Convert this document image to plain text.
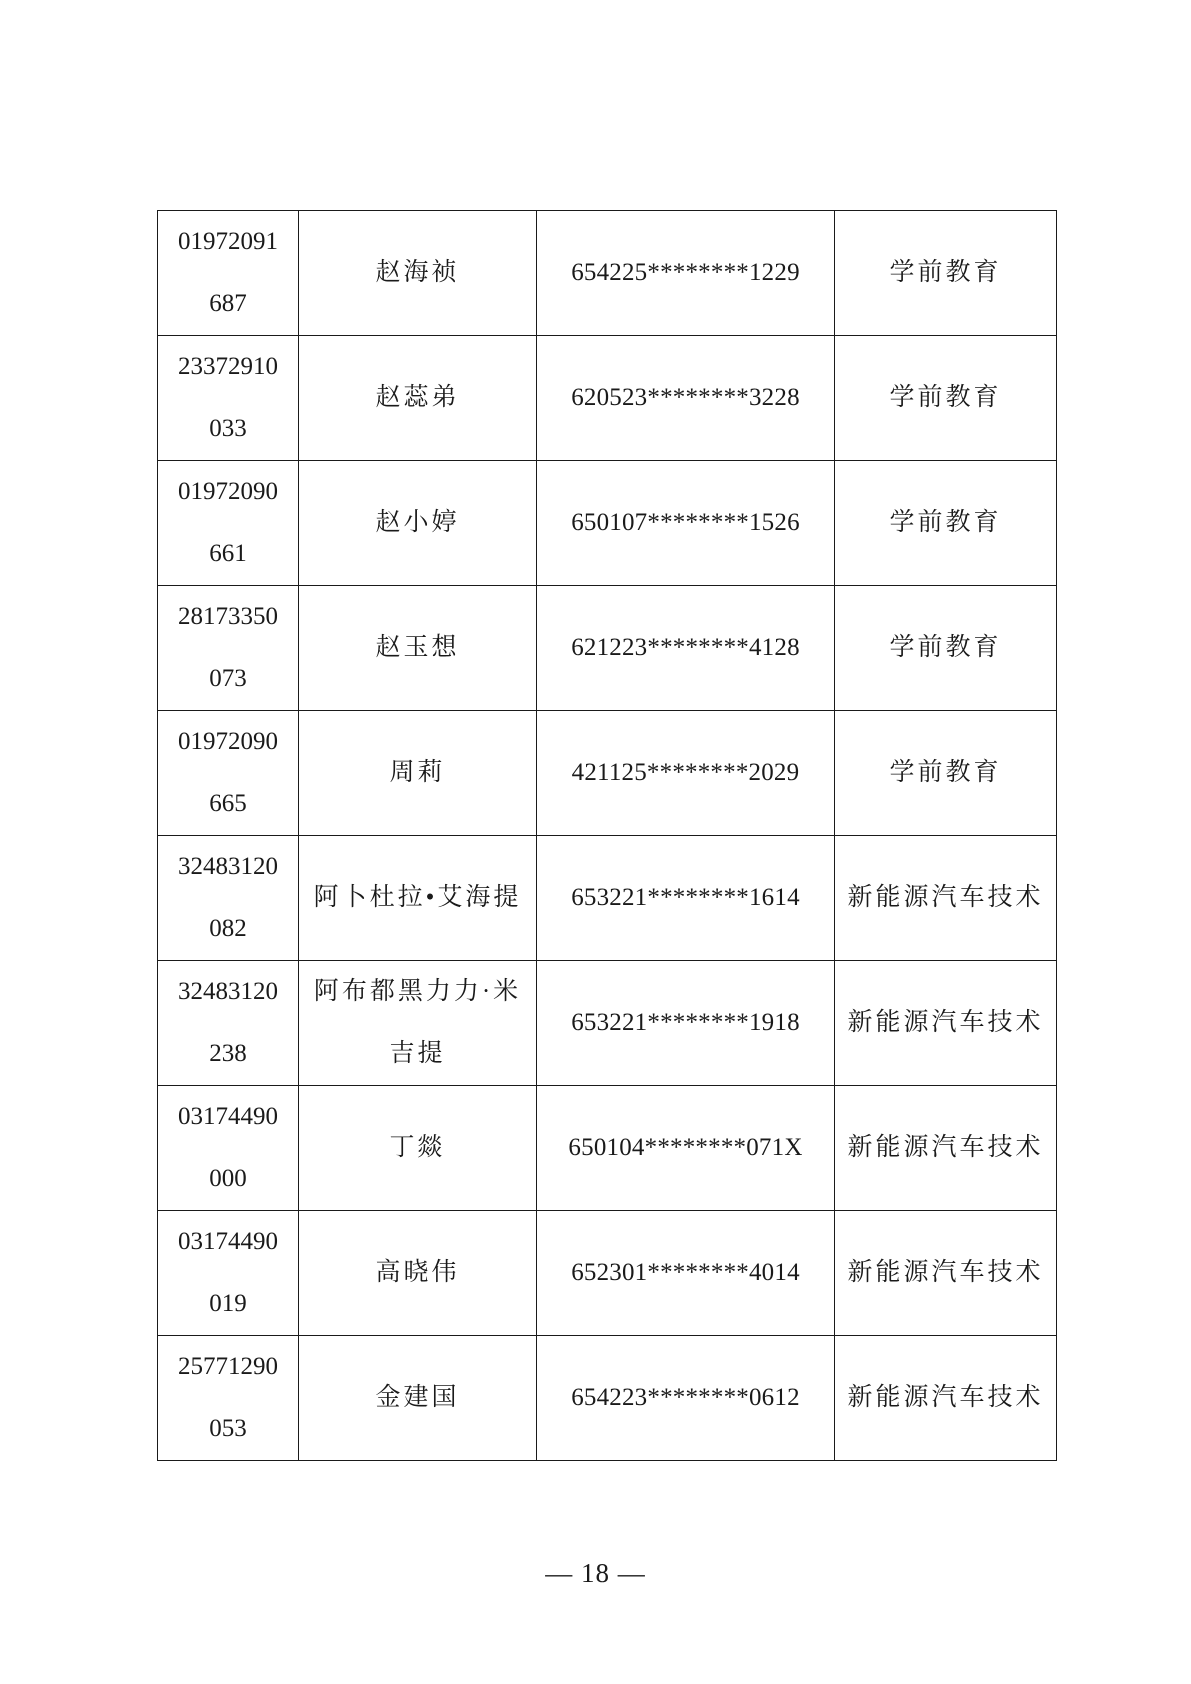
01972091
687	赵海祯	654225********1229	学前教育

23372910
033	赵蕊弟	620523********3228	学前教育

01972090
661	赵小婷	650107********1526	学前教育

28173350
073	赵玉想	621223********4128	学前教育

01972090
665	周莉	421125********2029	学前教育

32483120
082	阿卜杜拉•艾海提	653221********1614	新能源汽车技术

32483120
238	阿布都黑力力·米吉提	653221********1918	新能源汽车技术

03174490
000	丁燚	650104********071X	新能源汽车技术

03174490
019	高晓伟	652301********4014	新能源汽车技术

25771290
053	金建国	654223********0612	新能源汽车技术
— 18 —
